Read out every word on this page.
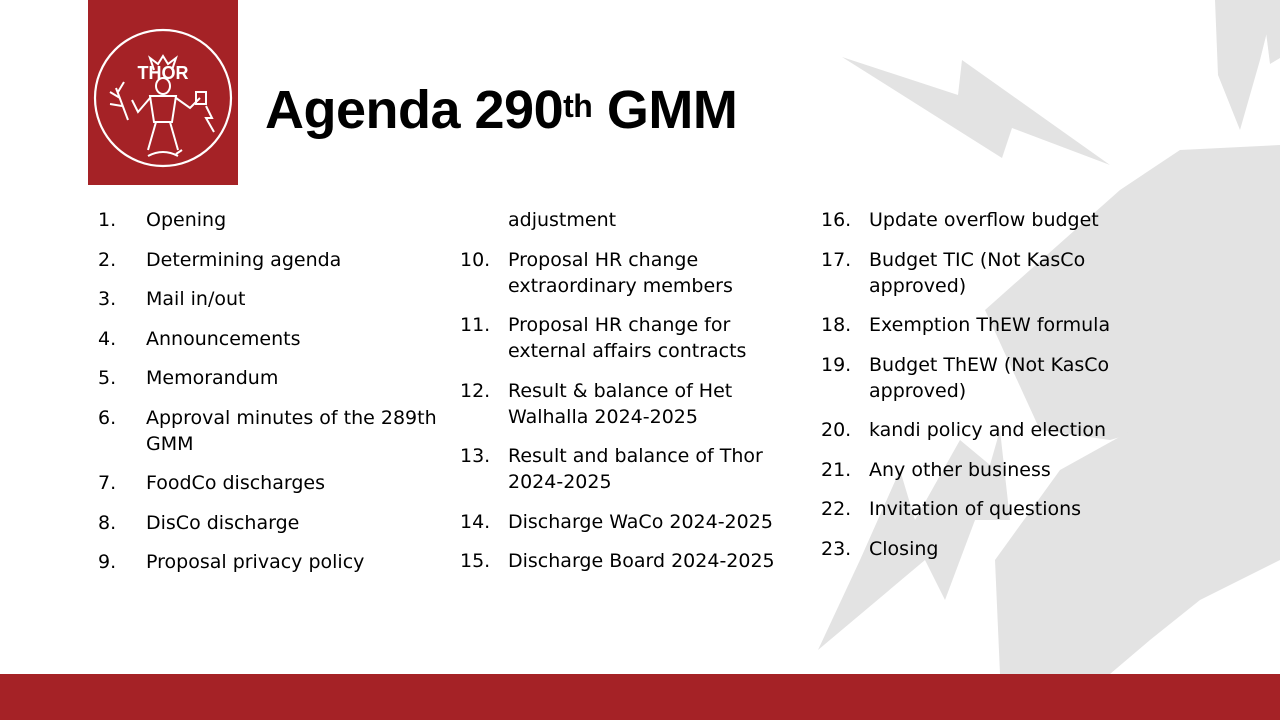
THOR
Agenda 290th GMM
1.	Opening
2.	Determining agenda
3.	Mail in/out
4.	Announcements
5.	Memorandum
6.	Approval minutes of the 289th GMM
7.	FoodCo discharges
8.	DisCo discharge
9.	Proposal privacy policy
adjustment
10. Proposal HR change extraordinary members
11. Proposal HR change for external affairs contracts
12. Result & balance of Het Walhalla 2024-2025
13. Result and balance of Thor 2024-2025
14. Discharge WaCo 2024-2025
15. Discharge Board 2024-2025
16. Update overflow budget
17. Budget TIC (Not KasCo approved)
18. Exemption ThEW formula
19. Budget ThEW (Not KasCo approved)
20. kandi policy and election
21. Any other business
22. Invitation of questions
23. Closing
